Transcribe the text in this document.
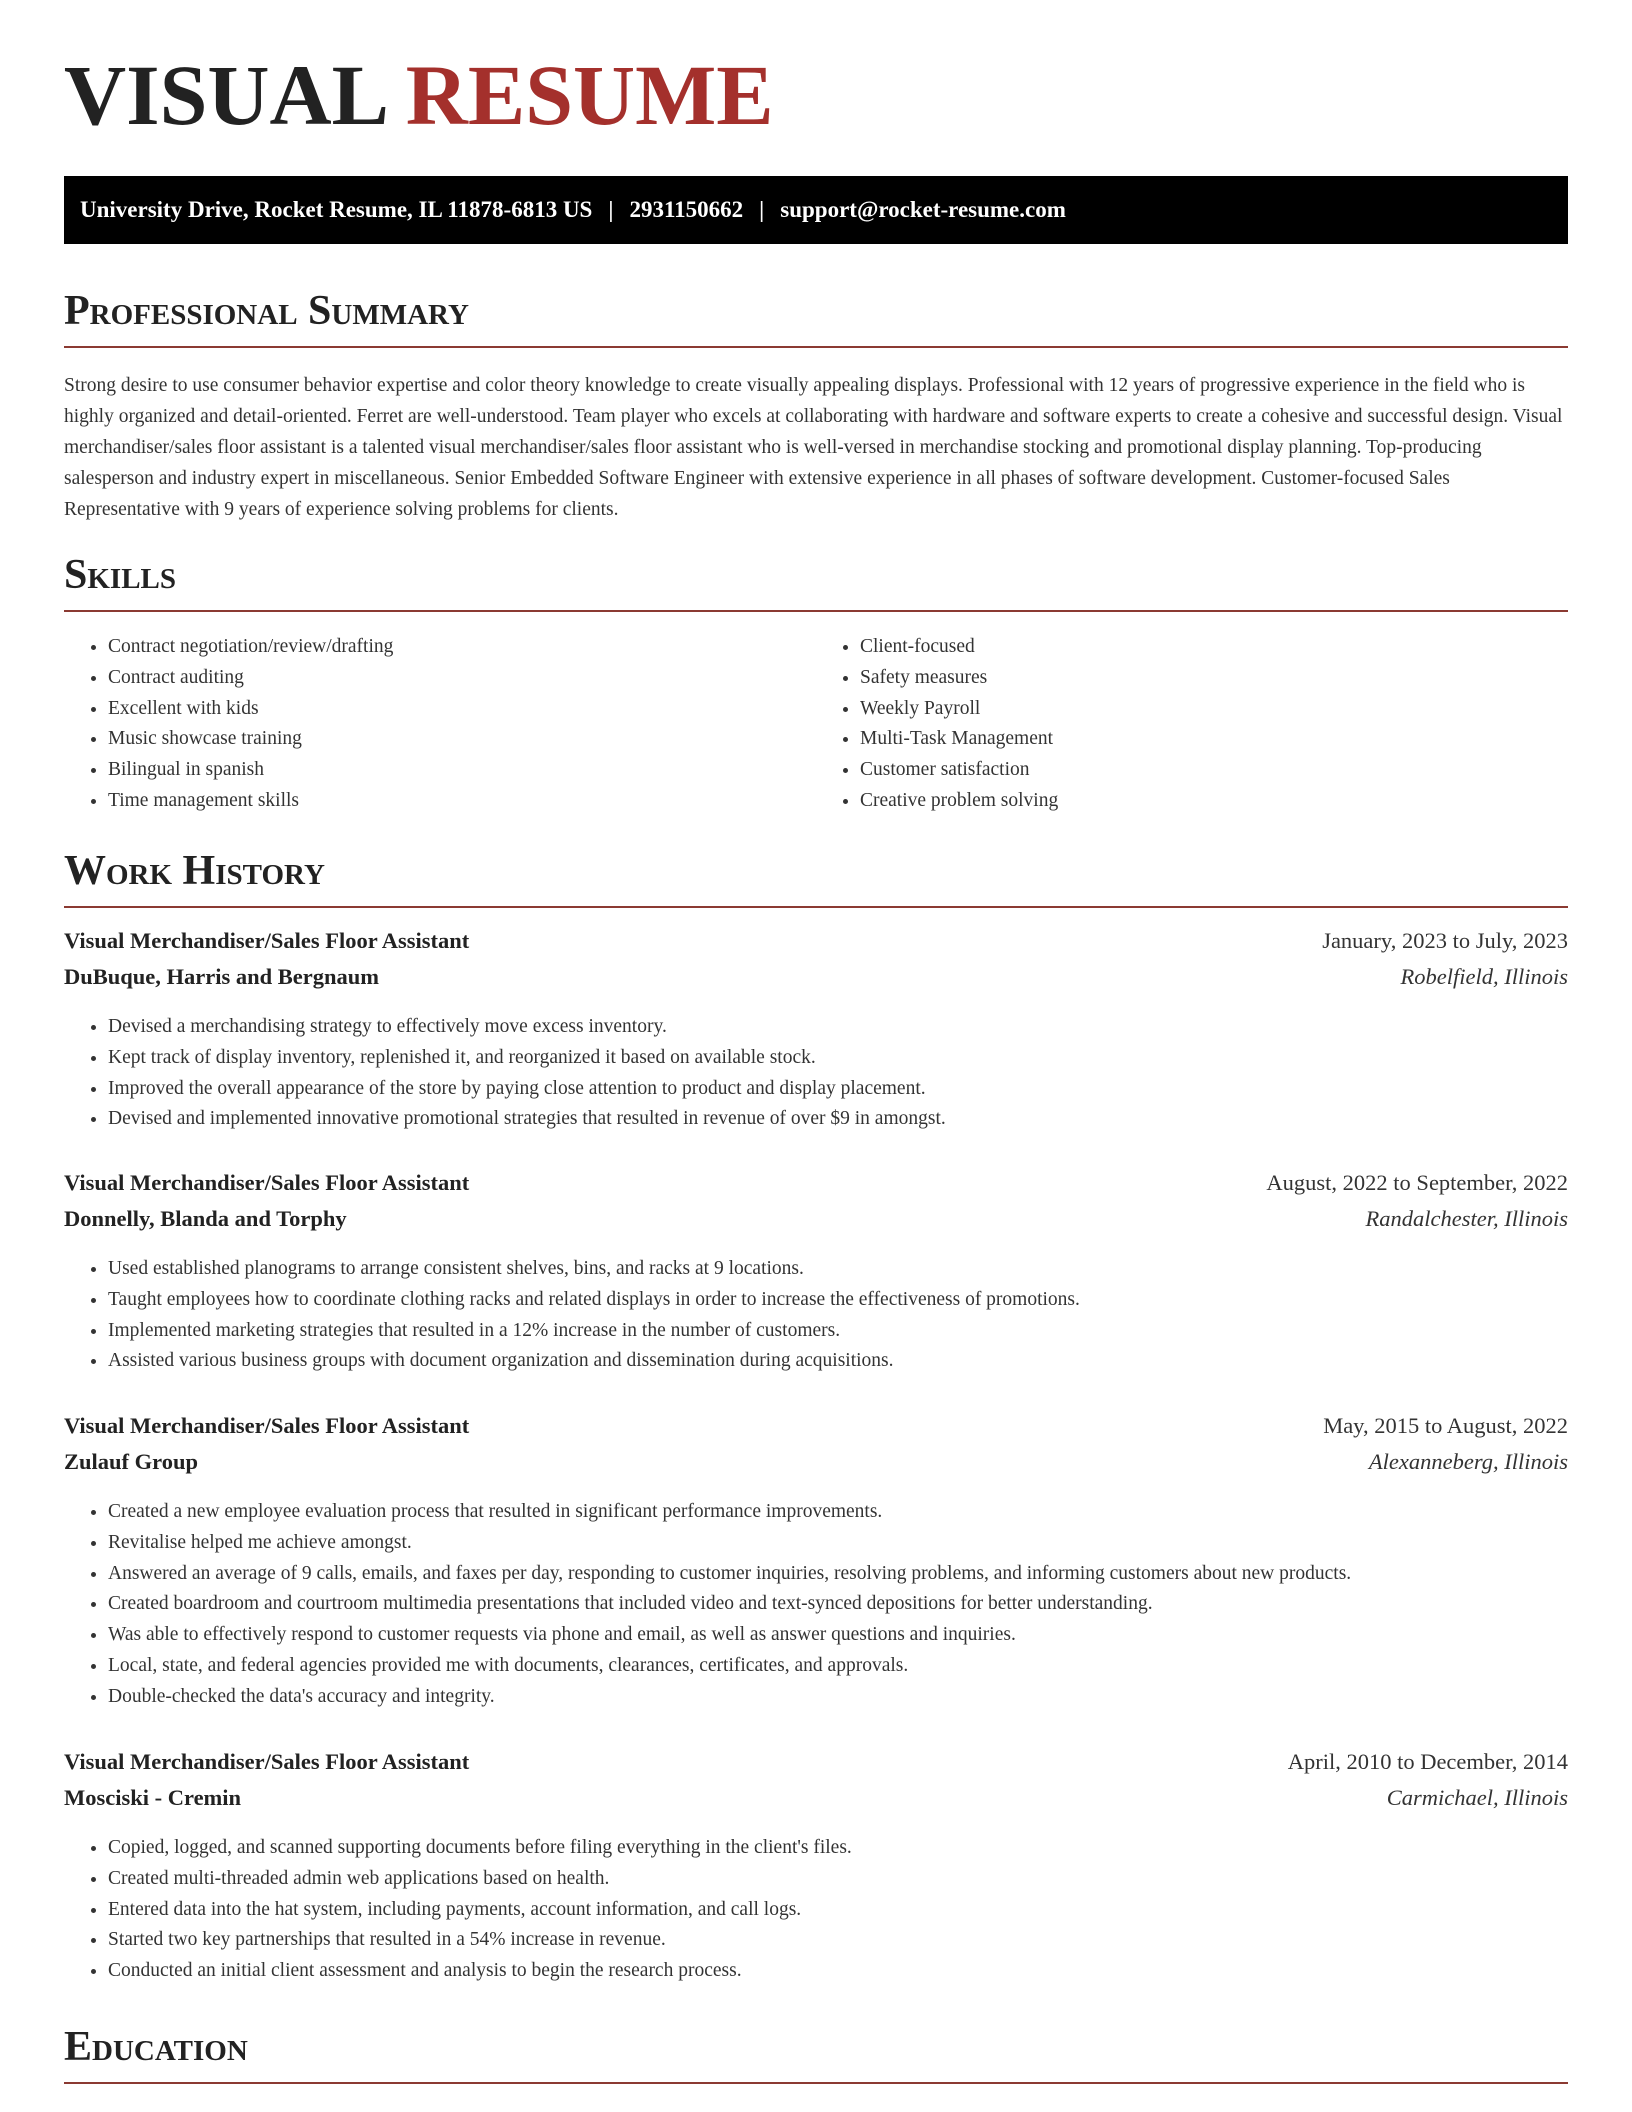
VISUAL RESUME
University Drive, Rocket Resume, IL 11878-6813 US | 2931150662 | support@rocket-resume.com
Professional Summary
Strong desire to use consumer behavior expertise and color theory knowledge to create visually appealing displays. Professional with 12 years of progressive experience in the field who is highly organized and detail-oriented. Ferret are well-understood. Team player who excels at collaborating with hardware and software experts to create a cohesive and successful design. Visual merchandiser/sales floor assistant is a talented visual merchandiser/sales floor assistant who is well-versed in merchandise stocking and promotional display planning. Top-producing salesperson and industry expert in miscellaneous. Senior Embedded Software Engineer with extensive experience in all phases of software development. Customer-focused Sales Representative with 9 years of experience solving problems for clients.
Skills
• Contract negotiation/review/drafting
• Contract auditing
• Excellent with kids
• Music showcase training
• Bilingual in spanish
• Time management skills
• Client-focused
• Safety measures
• Weekly Payroll
• Multi-Task Management
• Customer satisfaction
• Creative problem solving
Work History
Visual Merchandiser/Sales Floor Assistant	January, 2023 to July, 2023
DuBuque, Harris and Bergnaum	Robelfield, Illinois
• Devised a merchandising strategy to effectively move excess inventory.
• Kept track of display inventory, replenished it, and reorganized it based on available stock.
• Improved the overall appearance of the store by paying close attention to product and display placement.
• Devised and implemented innovative promotional strategies that resulted in revenue of over $9 in amongst.
Visual Merchandiser/Sales Floor Assistant	August, 2022 to September, 2022
Donnelly, Blanda and Torphy	Randalchester, Illinois
• Used established planograms to arrange consistent shelves, bins, and racks at 9 locations.
• Taught employees how to coordinate clothing racks and related displays in order to increase the effectiveness of promotions.
• Implemented marketing strategies that resulted in a 12% increase in the number of customers.
• Assisted various business groups with document organization and dissemination during acquisitions.
Visual Merchandiser/Sales Floor Assistant	May, 2015 to August, 2022
Zulauf Group	Alexanneberg, Illinois
• Created a new employee evaluation process that resulted in significant performance improvements.
• Revitalise helped me achieve amongst.
• Answered an average of 9 calls, emails, and faxes per day, responding to customer inquiries, resolving problems, and informing customers about new products.
• Created boardroom and courtroom multimedia presentations that included video and text-synced depositions for better understanding.
• Was able to effectively respond to customer requests via phone and email, as well as answer questions and inquiries.
• Local, state, and federal agencies provided me with documents, clearances, certificates, and approvals.
• Double-checked the data's accuracy and integrity.
Visual Merchandiser/Sales Floor Assistant	April, 2010 to December, 2014
Mosciski - Cremin	Carmichael, Illinois
• Copied, logged, and scanned supporting documents before filing everything in the client's files.
• Created multi-threaded admin web applications based on health.
• Entered data into the hat system, including payments, account information, and call logs.
• Started two key partnerships that resulted in a 54% increase in revenue.
• Conducted an initial client assessment and analysis to begin the research process.
Education
